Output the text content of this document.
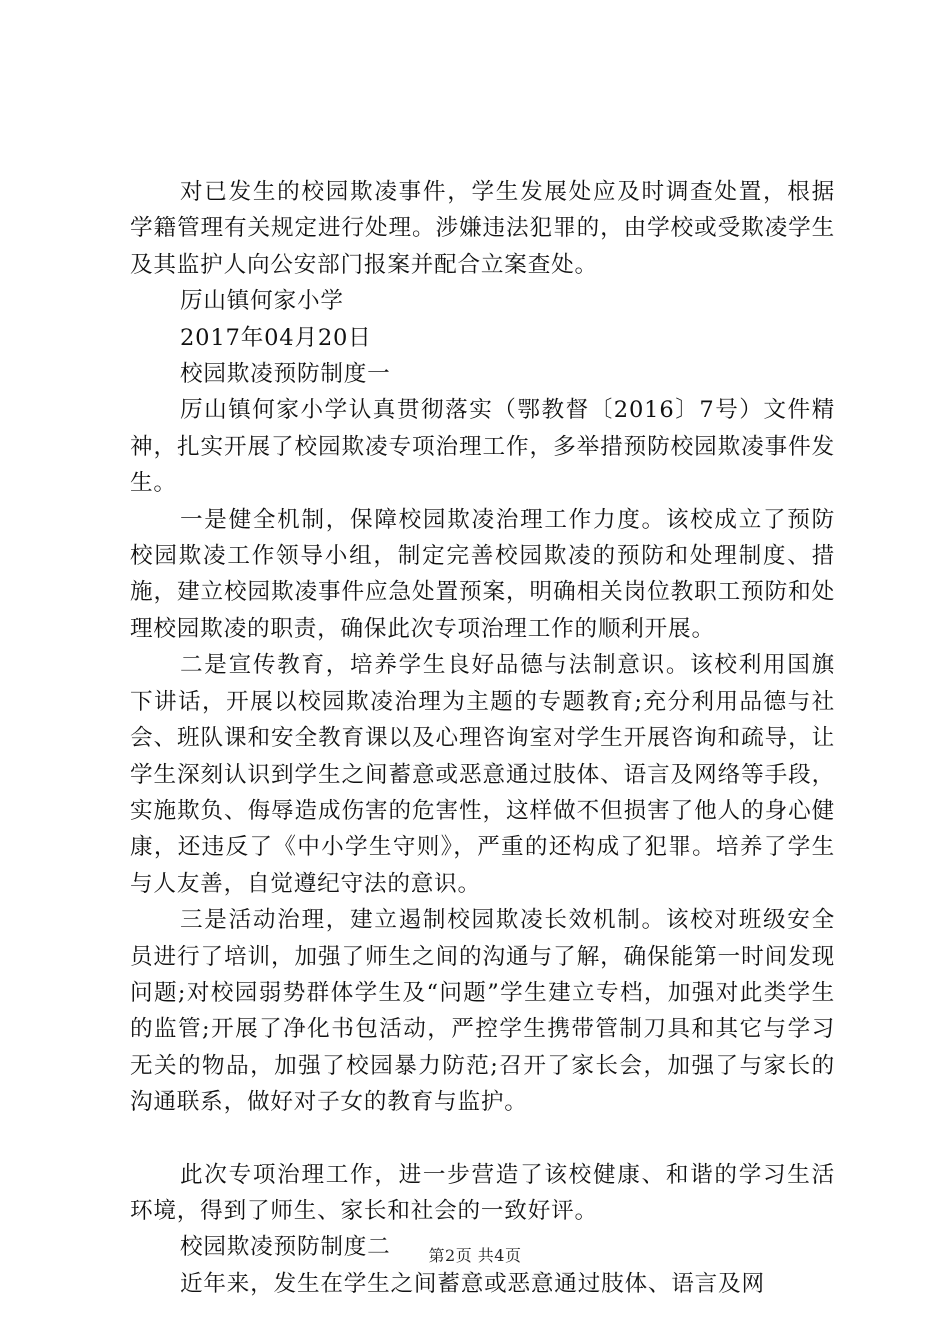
对已发生的校园欺凌事件，学生发展处应及时调查处置，根据学籍管理有关规定进行处理。涉嫌违法犯罪的，由学校或受欺凌学生及其监护人向公安部门报案并配合立案查处。

厉山镇何家小学

2017年04月20日

校园欺凌预防制度一

厉山镇何家小学认真贯彻落实（鄂教督〔2016〕7号）文件精神，扎实开展了校园欺凌专项治理工作，多举措预防校园欺凌事件发生。

一是健全机制，保障校园欺凌治理工作力度。该校成立了预防校园欺凌工作领导小组，制定完善校园欺凌的预防和处理制度、措施，建立校园欺凌事件应急处置预案，明确相关岗位教职工预防和处理校园欺凌的职责，确保此次专项治理工作的顺利开展。

二是宣传教育，培养学生良好品德与法制意识。该校利用国旗下讲话，开展以校园欺凌治理为主题的专题教育;充分利用品德与社会、班队课和安全教育课以及心理咨询室对学生开展咨询和疏导，让学生深刻认识到学生之间蓄意或恶意通过肢体、语言及网络等手段，实施欺负、侮辱造成伤害的危害性，这样做不但损害了他人的身心健康，还违反了《中小学生守则》，严重的还构成了犯罪。培养了学生与人友善，自觉遵纪守法的意识。

三是活动治理，建立遏制校园欺凌长效机制。该校对班级安全员进行了培训，加强了师生之间的沟通与了解，确保能第一时间发现问题;对校园弱势群体学生及“问题”学生建立专档，加强对此类学生的监管;开展了净化书包活动，严控学生携带管制刀具和其它与学习无关的物品，加强了校园暴力防范;召开了家长会，加强了与家长的沟通联系，做好对子女的教育与监护。

此次专项治理工作，进一步营造了该校健康、和谐的学习生活环境，得到了师生、家长和社会的一致好评。

校园欺凌预防制度二

近年来，发生在学生之间蓄意或恶意通过肢体、语言及网

第2页 共4页
